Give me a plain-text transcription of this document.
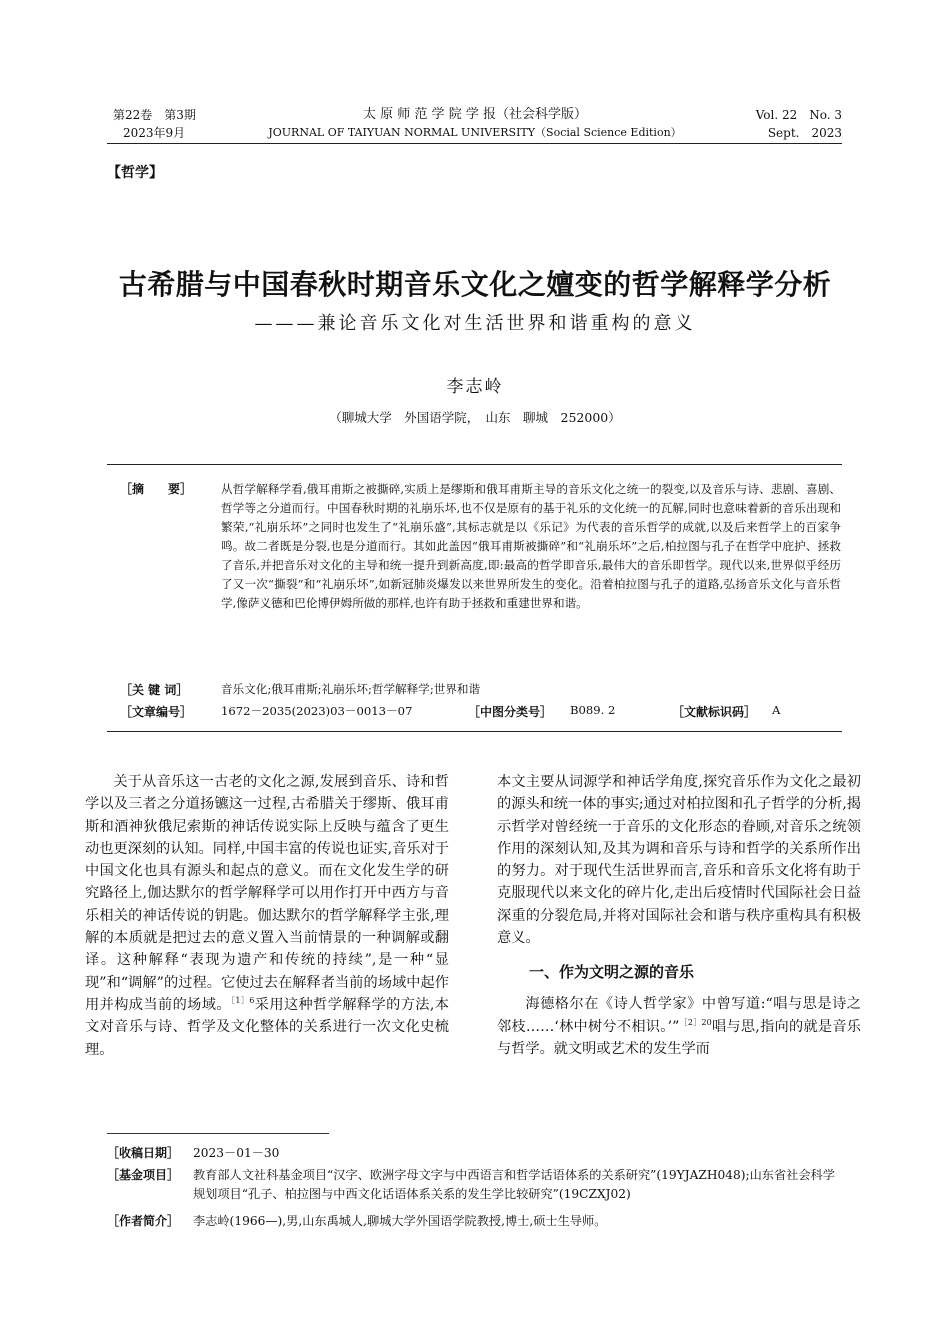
第22卷　第3期
2023年9月
太 原 师 范 学 院 学 报（社会科学版）
JOURNAL OF TAIYUAN NORMAL UNIVERSITY（Social Science Edition）
Vol. 22　No. 3
Sept.　2023
【哲学】
古希腊与中国春秋时期音乐文化之嬗变的哲学解释学分析
———兼论音乐文化对生活世界和谐重构的意义
李志岭
（聊城大学　外国语学院，　山东　聊城　252000）
［摘　　要］	从哲学解释学看,俄耳甫斯之被撕碎,实质上是缪斯和俄耳甫斯主导的音乐文化之统一的裂变,以及音乐与诗、悲剧、喜剧、哲学等之分道而行。中国春秋时期的礼崩乐坏,也不仅是原有的基于礼乐的文化统一的瓦解,同时也意味着新的音乐出现和繁荣,“礼崩乐坏”之同时也发生了“礼崩乐盛”,其标志就是以《乐记》为代表的音乐哲学的成就,以及后来哲学上的百家争鸣。故二者既是分裂,也是分道而行。其如此盖因“俄耳甫斯被撕碎”和“礼崩乐坏”之后,柏拉图与孔子在哲学中庇护、拯救了音乐,并把音乐对文化的主导和统一提升到新高度,即:最高的哲学即音乐,最伟大的音乐即哲学。现代以来,世界似乎经历了又一次“撕裂”和“礼崩乐坏”,如新冠肺炎爆发以来世界所发生的变化。沿着柏拉图与孔子的道路,弘扬音乐文化与音乐哲学,像萨义德和巴伦博伊姆所做的那样,也许有助于拯救和重建世界和谐。
［关 键 词］	音乐文化;俄耳甫斯;礼崩乐坏;哲学解释学;世界和谐
［文章编号］ 1672－2035(2023)03－0013－07	［中图分类号］ B089. 2	［文献标识码］ A

关于从音乐这一古老的文化之源,发展到音乐、诗和哲学以及三者之分道扬镳这一过程,古希腊关于缪斯、俄耳甫斯和酒神狄俄尼索斯的神话传说实际上反映与蕴含了更生动也更深刻的认知。同样,中国丰富的传说也证实,音乐对于中国文化也具有源头和起点的意义。而在文化发生学的研究路径上,伽达默尔的哲学解释学可以用作打开中西方与音乐相关的神话传说的钥匙。伽达默尔的哲学解释学主张,理解的本质就是把过去的意义置入当前情景的一种调解或翻译。这种解释“表现为遗产和传统的持续”,是一种“显现”和“调解”的过程。它使过去在解释者当前的场域中起作用并构成当前的场域。$^{[1]6}$采用这种哲学解释学的方法,本文对音乐与诗、哲学及文化整体的关系进行一次文化史梳理。

本文主要从词源学和神话学角度,探究音乐作为文化之最初的源头和统一体的事实;通过对柏拉图和孔子哲学的分析,揭示哲学对曾经统一于音乐的文化形态的眷顾,对音乐之统领作用的深刻认知,及其为调和音乐与诗和哲学的关系所作出的努力。对于现代生活世界而言,音乐和音乐文化将有助于克服现代以来文化的碎片化,走出后疫情时代国际社会日益深重的分裂危局,并将对国际社会和谐与秩序重构具有积极意义。

一、作为文明之源的音乐

海德格尔在《诗人哲学家》中曾写道:“唱与思是诗之邻枝……‘林中树兮不相识。’”$^{[2]20}$唱与思,指向的就是音乐与哲学。就文明或艺术的发生学而

［收稿日期］ 2023－01－30
［基金项目］ 教育部人文社科基金项目“汉字、欧洲字母文字与中西语言和哲学话语体系的关系研究”(19YJAZH048);山东省社会科学规划项目“孔子、柏拉图与中西文化话语体系关系的发生学比较研究”(19CZXJ02)
［作者简介］ 李志岭(1966—),男,山东禹城人,聊城大学外国语学院教授,博士,硕士生导师。
